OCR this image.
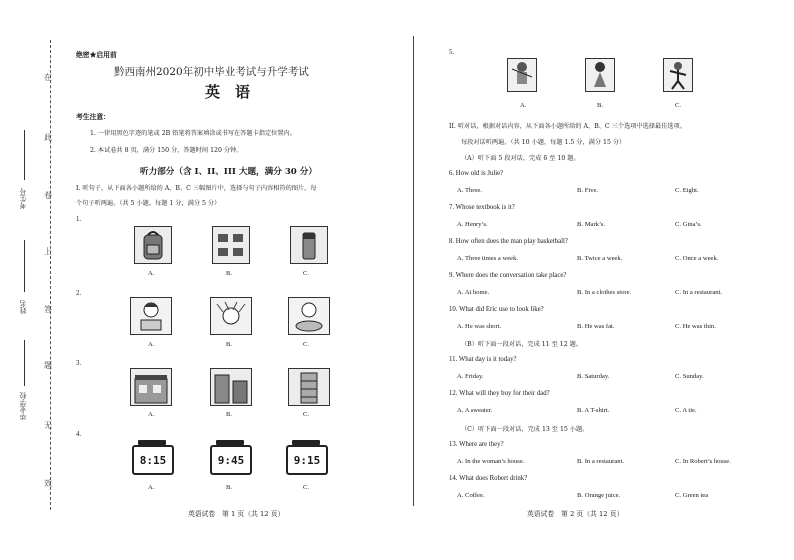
在
此
卷
上
答
题
无
效
考生号
姓名
毕业学校
绝密★启用前
黔西南州2020年初中毕业考试与升学考试
英　语
考生注意：
1. 一律用黑色字迹的笔或 2B 铅笔将答案填涂或书写在答题卡指定位置内。
2. 本试卷共 8 页，满分 150 分，答题时间 120 分钟。
听力部分（含 I、II、III 大题，满分 30 分）
I. 听句子，从下面各小题所给的 A、B、C 三幅图片中，选择与句子内容相符的图片。每
个句子听两遍。（共 5 小题，每题 1 分，满分 5 分）
1.
A.	B.	C.
2.
A.	B.	C.
3.
A.	B.	C.
4.
8:15	9:45	9:15
A.	B.	C.
英语试卷　第 1 页（共 12 页）
5.
A.	B.	C.
II. 听对话，根据对话内容，从下面各小题所给的 A、B、C 三个选项中选择最佳选项。
每段对话听两遍。（共 10 小题，每题 1.5 分，满分 15 分）
（A）听下面 5 段对话，完成 6 至 10 题。
6. How old is Julie?
A. Three.	B. Five.	C. Eight.
7. Whose textbook is it?
A. Henry’s.	B. Mark’s.	C. Gina’s.
8. How often does the man play basketball?
A. Three times a week.	B. Twice a week.	C. Once a week.
9. Where does the conversation take place?
A. At home.	B. In a clothes store.	C. In a restaurant.
10. What did Eric use to look like?
A. He was short.	B. He was fat.	C. He was thin.
（B）听下面一段对话，完成 11 至 12 题。
11. What day is it today?
A. Friday.	B. Saturday.	C. Sunday.
12. What will they buy for their dad?
A. A sweater.	B. A T-shirt.	C. A tie.
（C）听下面一段对话，完成 13 至 15 小题。
13. Where are they?
A. In the woman’s house.	B. In a restaurant.	C. In Robert’s house.
14. What does Robert drink?
A. Coffee.	B. Orange juice.	C. Green tea
英语试卷　第 2 页（共 12 页）
